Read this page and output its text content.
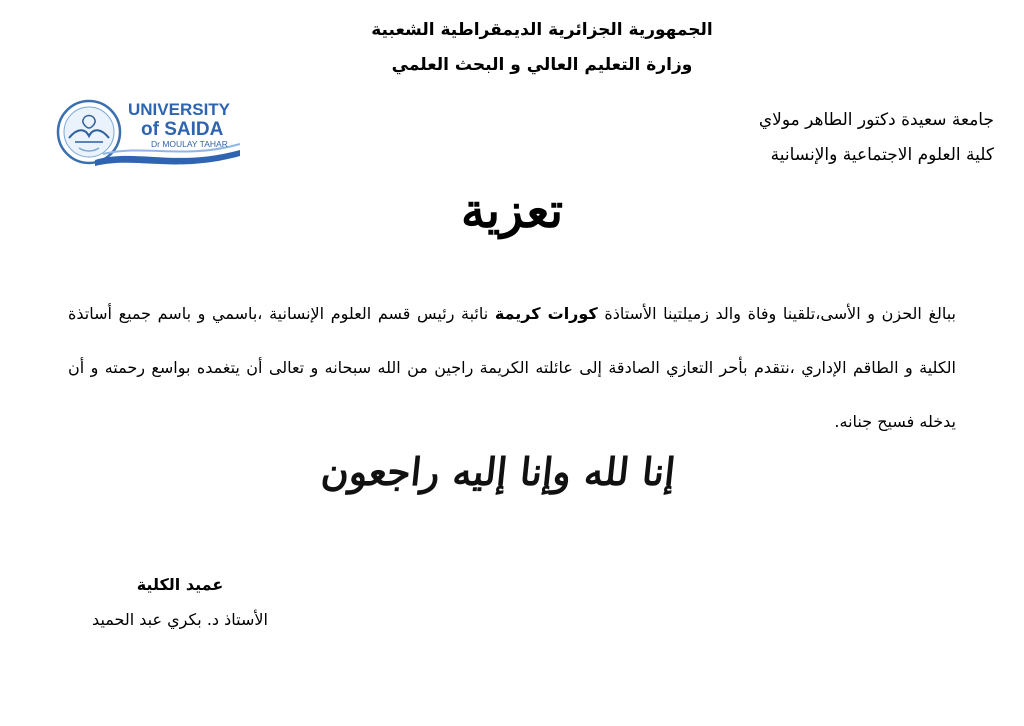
الجمهورية الجزائرية الديمقراطية الشعبية
وزارة التعليم العالي و البحث العلمي
جامعة سعيدة دكتور الطاهر مولاي
كلية العلوم الاجتماعية والإنسانية
UNIVERSITY
of SAIDA
Dr MOULAY TAHAR
تعزية
ببالغ الحزن و الأسى،تلقينا وفاة والد زميلتينا الأستاذة كورات كريمة نائبة رئيس قسم العلوم الإنسانية ،باسمي و باسم جميع أساتذة
الكلية و الطاقم الإداري ،نتقدم بأحر التعازي الصادقة إلى عائلته الكريمة راجين من الله سبحانه و تعالى أن يتغمده بواسع رحمته و أن
يدخله فسيح جنانه.
إنا لله وإنا إليه راجعون
عميد الكلية
الأستاذ د. بكري عبد الحميد
